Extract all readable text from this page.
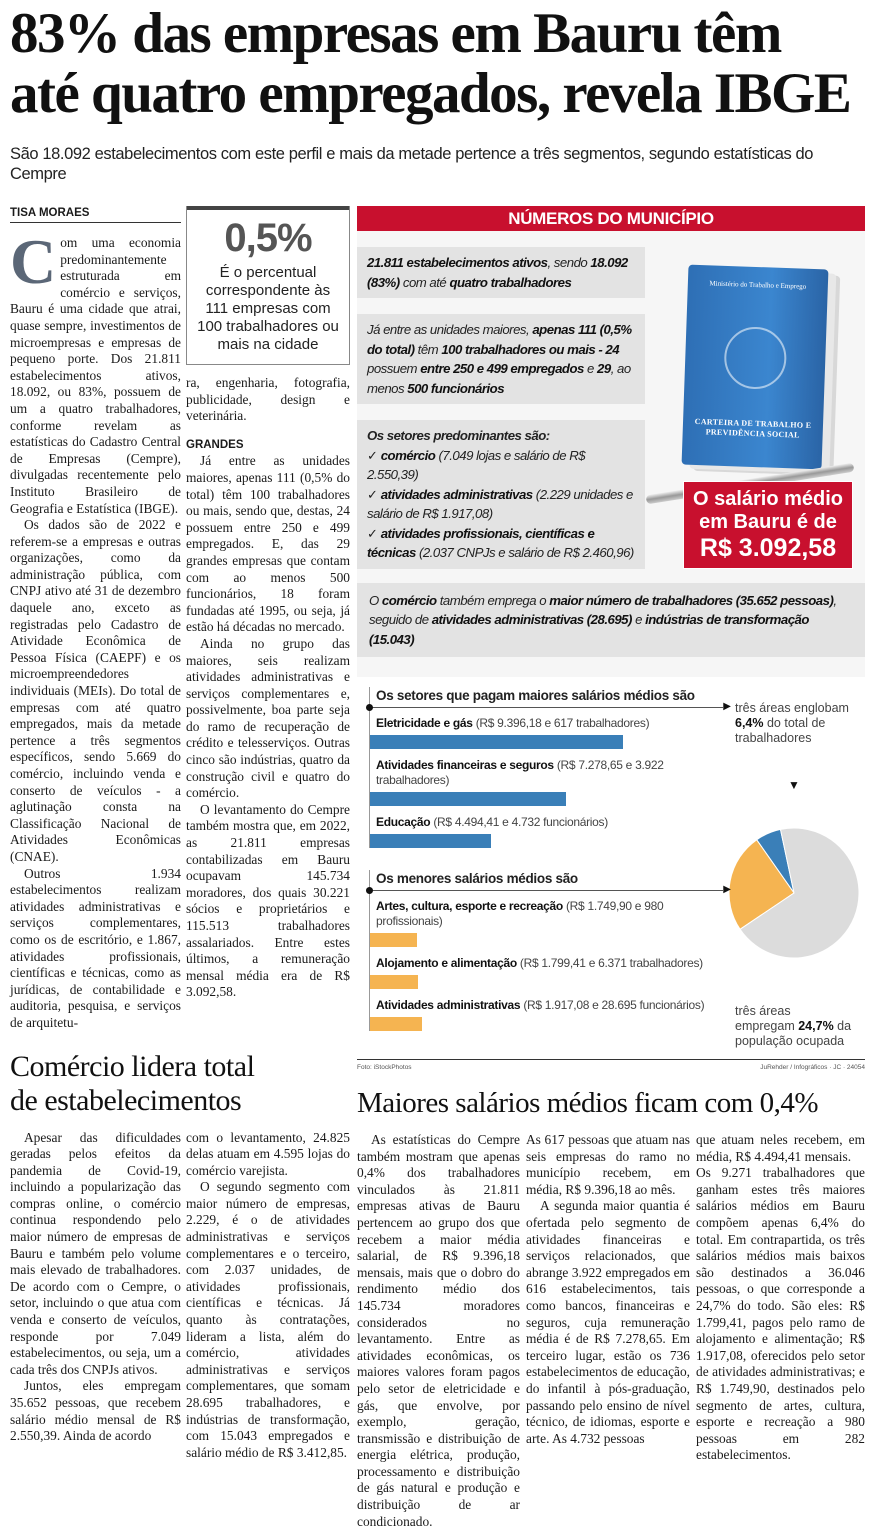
83% das empresas em Bauru têm
até quatro empregados, revela IBGE
São 18.092 estabelecimentos com este perfil e mais da metade pertence a três segmentos, segundo estatísticas do Cempre
TISA MORAES

Com uma economia predominantemente estruturada em comércio e serviços, Bauru é uma cidade que atrai, quase sempre, investimentos de microempresas e empresas de pequeno porte. Dos 21.811 estabelecimentos ativos, 18.092, ou 83%, possuem de um a quatro trabalhadores, conforme revelam as estatísticas do Cadastro Central de Empresas (Cempre), divulgadas recentemente pelo Instituto Brasileiro de Geografia e Estatística (IBGE).

Os dados são de 2022 e referem-se a empresas e outras organizações, como da administração pública, com CNPJ ativo até 31 de dezembro daquele ano, exceto as registradas pelo Cadastro de Atividade Econômica de Pessoa Física (CAEPF) e os microempreendedores individuais (MEIs). Do total de empresas com até quatro empregados, mais da metade pertence a três segmentos específicos, sendo 5.669 do comércio, incluindo venda e conserto de veículos - a aglutinação consta na Classificação Nacional de Atividades Econômicas (CNAE).

Outros 1.934 estabelecimentos realizam atividades administrativas e serviços complementares, como os de escritório, e 1.867, atividades profissionais, científicas e técnicas, como as jurídicas, de contabilidade e auditoria, pesquisa, e serviços de arquitetu-

0,5%
É o percentual correspondente às 111 empresas com 100 trabalhadores ou mais na cidade

ra, engenharia, fotografia, publicidade, design e veterinária.

GRANDES

Já entre as unidades maiores, apenas 111 (0,5% do total) têm 100 trabalhadores ou mais, sendo que, destas, 24 possuem entre 250 e 499 empregados. E, das 29 grandes empresas que contam com ao menos 500 funcionários, 18 foram fundadas até 1995, ou seja, já estão há décadas no mercado.

Ainda no grupo das maiores, seis realizam atividades administrativas e serviços complementares e, possivelmente, boa parte seja do ramo de recuperação de crédito e telesserviços. Outras cinco são indústrias, quatro da construção civil e quatro do comércio.

O levantamento do Cempre também mostra que, em 2022, as 21.811 empresas contabilizadas em Bauru ocupavam 145.734 moradores, dos quais 30.221 sócios e proprietários e 115.513 trabalhadores assalariados. Entre estes últimos, a remuneração mensal média era de R$ 3.092,58.

Comércio lidera total
de estabelecimentos

Apesar das dificuldades geradas pelos efeitos da pandemia de Covid-19, incluindo a popularização das compras online, o comércio continua respondendo pelo maior número de empresas de Bauru e também pelo volume mais elevado de trabalhadores. De acordo com o Cempre, o setor, incluindo o que atua com venda e conserto de veículos, responde por 7.049 estabelecimentos, ou seja, um a cada três dos CNPJs ativos.

Juntos, eles empregam 35.652 pessoas, que recebem salário médio mensal de R$ 2.550,39. Ainda de acordo

com o levantamento, 24.825 delas atuam em 4.595 lojas do comércio varejista.

O segundo segmento com maior número de empresas, 2.229, é o de atividades administrativas e serviços complementares e o terceiro, com 2.037 unidades, de atividades profissionais, científicas e técnicas. Já quanto às contratações, lideram a lista, além do comércio, atividades administrativas e serviços complementares, que somam 28.695 trabalhadores, e indústrias de transformação, com 15.043 empregados e salário médio de R$ 3.412,85.

NÚMEROS DO MUNICÍPIO
21.811 estabelecimentos ativos, sendo 18.092 (83%) com até quatro trabalhadores
Já entre as unidades maiores, apenas 111 (0,5% do total) têm 100 trabalhadores ou mais - 24 possuem entre 250 e 499 empregados e 29, ao menos 500 funcionários
Os setores predominantes são:
✓ comércio (7.049 lojas e salário de R$ 2.550,39)
✓ atividades administrativas (2.229 unidades e salário de R$ 1.917,08)
✓ atividades profissionais, científicas e técnicas (2.037 CNPJs e salário de R$ 2.460,96)
Ministério do Trabalho e Emprego
CARTEIRA DE TRABALHO E PREVIDÊNCIA SOCIAL
O salário médio
em Bauru é de
R$ 3.092,58
O comércio também emprega o maior número de trabalhadores (35.652 pessoas), seguido de atividades administrativas (28.695) e indústrias de transformação (15.043)
Os setores que pagam maiores salários médios são
▶
Eletricidade e gás (R$ 9.396,18 e 617 trabalhadores)
Atividades financeiras e seguros (R$ 7.278,65 e 3.922 trabalhadores)
Educação (R$ 4.494,41 e 4.732 funcionários)
Os menores salários médios são
▶
Artes, cultura, esporte e recreação (R$ 1.749,90 e 980 profissionais)
Alojamento e alimentação (R$ 1.799,41 e 6.371 trabalhadores)
Atividades administrativas (R$ 1.917,08 e 28.695 funcionários)
três áreas englobam 6,4% do total de trabalhadores
▼
três áreas empregam 24,7% da população ocupada
Foto: iStockPhotos	JuRehder / Infográficos · JC · 24054
Maiores salários médios ficam com 0,4%

As estatísticas do Cempre também mostram que apenas 0,4% dos trabalhadores vinculados às 21.811 empresas ativas de Bauru pertencem ao grupo dos que recebem a maior média salarial, de R$ 9.396,18 mensais, mais que o dobro do rendimento médio dos 145.734 moradores considerados no levantamento. Entre as atividades econômicas, os maiores valores foram pagos pelo setor de eletricidade e gás, que envolve, por exemplo, geração, transmissão e distribuição de energia elétrica, produção, processamento e distribuição de gás natural e produção e distribuição de ar condicionado.

As 617 pessoas que atuam nas seis empresas do ramo no município recebem, em média, R$ 9.396,18 ao mês.

A segunda maior quantia é ofertada pelo segmento de atividades financeiras e serviços relacionados, que abrange 3.922 empregados em 616 estabelecimentos, tais como bancos, financeiras e seguros, cuja remuneração média é de R$ 7.278,65. Em terceiro lugar, estão os 736 estabelecimentos de educação, do infantil à pós-graduação, passando pelo ensino de nível técnico, de idiomas, esporte e arte. As 4.732 pessoas

que atuam neles recebem, em média, R$ 4.494,41 mensais.

Os 9.271 trabalhadores que ganham estes três maiores salários médios em Bauru compõem apenas 6,4% do total. Em contrapartida, os três salários médios mais baixos são destinados a 36.046 pessoas, o que corresponde a 24,7% do todo. São eles: R$ 1.799,41, pagos pelo ramo de alojamento e alimentação; R$ 1.917,08, oferecidos pelo setor de atividades administrativas; e R$ 1.749,90, destinados pelo segmento de artes, cultura, esporte e recreação a 980 pessoas em 282 estabelecimentos.
